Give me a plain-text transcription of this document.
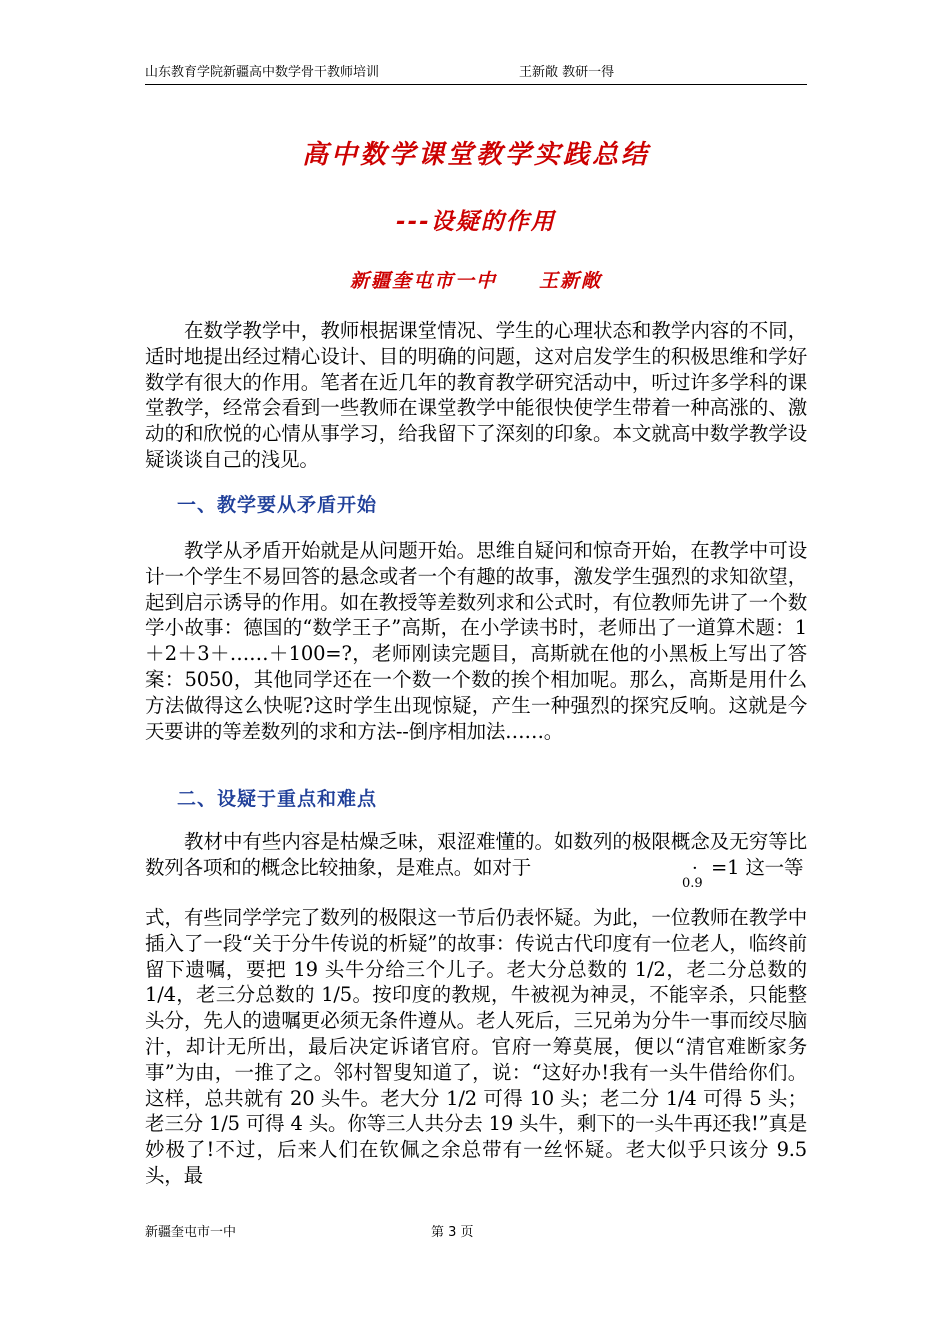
山东教育学院新疆高中数学骨干教师培训	王新敞 教研一得
高中数学课堂教学实践总结
---设疑的作用
新疆奎屯市一中　　王新敞

在数学教学中，教师根据课堂情况、学生的心理状态和教学内容的不同，适时地提出经过精心设计、目的明确的问题，这对启发学生的积极思维和学好数学有很大的作用。笔者在近几年的教育教学研究活动中，听过许多学科的课堂教学，经常会看到一些教师在课堂教学中能很快使学生带着一种高涨的、激动的和欣悦的心情从事学习，给我留下了深刻的印象。本文就高中数学教学设疑谈谈自己的浅见。

一、教学要从矛盾开始

教学从矛盾开始就是从问题开始。思维自疑问和惊奇开始，在教学中可设计一个学生不易回答的悬念或者一个有趣的故事，激发学生强烈的求知欲望，起到启示诱导的作用。如在教授等差数列求和公式时，有位教师先讲了一个数学小故事：德国的“数学王子”高斯，在小学读书时，老师出了一道算术题：1＋2＋3＋……＋100=?，老师刚读完题目，高斯就在他的小黑板上写出了答案：5050，其他同学还在一个数一个数的挨个相加呢。那么，高斯是用什么方法做得这么快呢?这时学生出现惊疑，产生一种强烈的探究反响。这就是今天要讲的等差数列的求和方法--倒序相加法……。

二、设疑于重点和难点

教材中有些内容是枯燥乏味，艰涩难懂的。如数列的极限概念及无穷等比数列各项和的概念比较抽象，是难点。如对于	·
0.9
=1 这一等

式，有些同学学完了数列的极限这一节后仍表怀疑。为此，一位教师在教学中插入了一段“关于分牛传说的析疑”的故事：传说古代印度有一位老人，临终前留下遗嘱，要把 19 头牛分给三个儿子。老大分总数的 1/2，老二分总数的 1/4，老三分总数的 1/5。按印度的教规，牛被视为神灵，不能宰杀，只能整头分，先人的遗嘱更必须无条件遵从。老人死后，三兄弟为分牛一事而绞尽脑汁，却计无所出，最后决定诉诸官府。官府一筹莫展，便以“清官难断家务事”为由，一推了之。邻村智叟知道了，说：“这好办!我有一头牛借给你们。这样，总共就有 20 头牛。老大分 1/2 可得 10 头；老二分 1/4 可得 5 头；老三分 1/5 可得 4 头。你等三人共分去 19 头牛，剩下的一头牛再还我!”真是妙极了!不过，后来人们在钦佩之余总带有一丝怀疑。老大似乎只该分 9.5 头，最

新疆奎屯市一中	第 3 页
